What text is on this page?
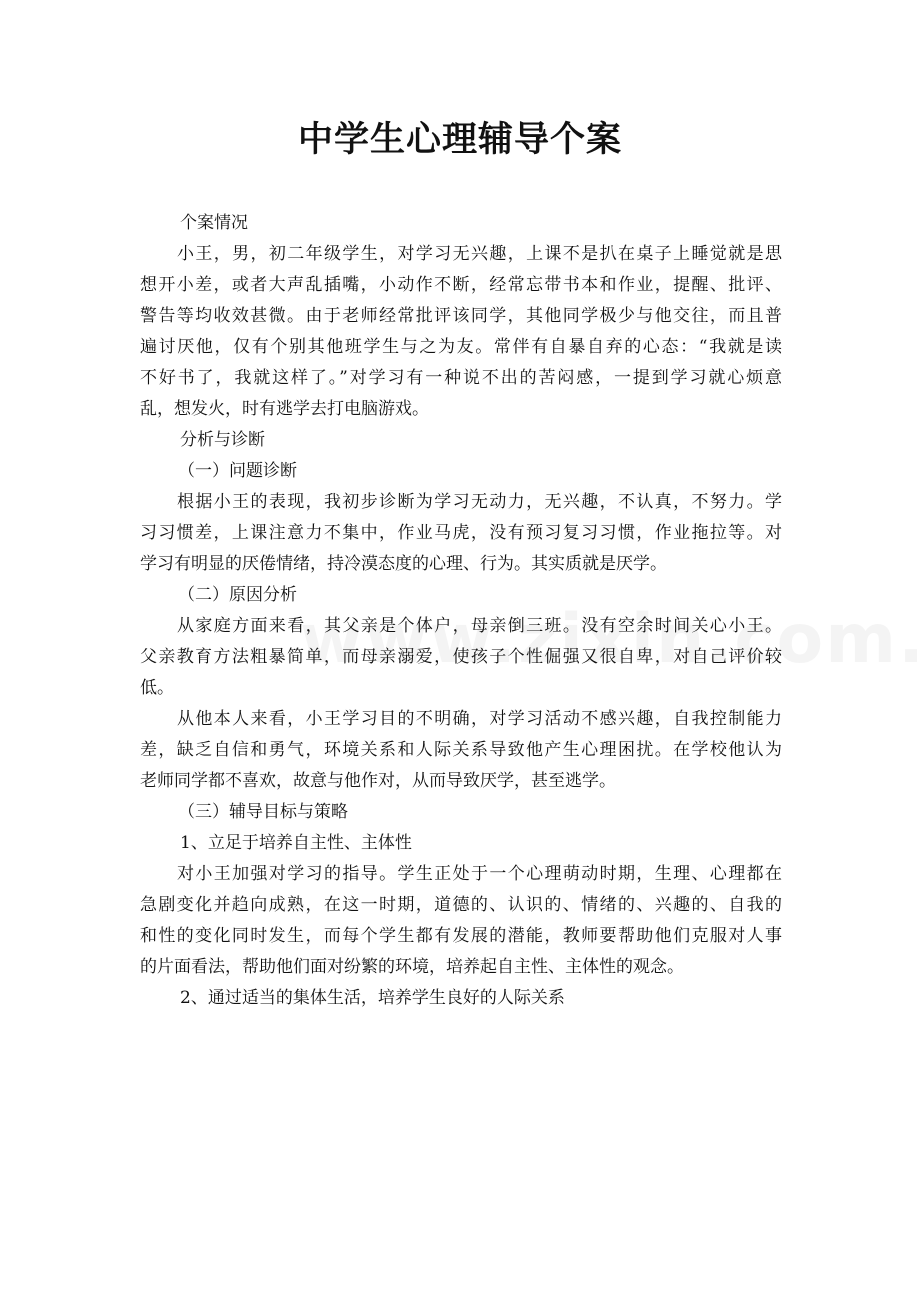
中学生心理辅导个案
个案情况
小王，男，初二年级学生，对学习无兴趣，上课不是扒在桌子上睡觉就是思
想开小差，或者大声乱插嘴，小动作不断，经常忘带书本和作业，提醒、批评、
警告等均收效甚微。由于老师经常批评该同学，其他同学极少与他交往，而且普
遍讨厌他，仅有个别其他班学生与之为友。常伴有自暴自弃的心态：“我就是读
不好书了，我就这样了。”对学习有一种说不出的苦闷感，一提到学习就心烦意
乱，想发火，时有逃学去打电脑游戏。
分析与诊断
（一）问题诊断
根据小王的表现，我初步诊断为学习无动力，无兴趣，不认真，不努力。学
习习惯差，上课注意力不集中，作业马虎，没有预习复习习惯，作业拖拉等。对
学习有明显的厌倦情绪，持冷漠态度的心理、行为。其实质就是厌学。
（二）原因分析
从家庭方面来看，其父亲是个体户，母亲倒三班。没有空余时间关心小王。
父亲教育方法粗暴简单，而母亲溺爱，使孩子个性倔强又很自卑，对自己评价较
低。
从他本人来看，小王学习目的不明确，对学习活动不感兴趣，自我控制能力
差，缺乏自信和勇气，环境关系和人际关系导致他产生心理困扰。在学校他认为
老师同学都不喜欢，故意与他作对，从而导致厌学，甚至逃学。
（三）辅导目标与策略
1、立足于培养自主性、主体性
对小王加强对学习的指导。学生正处于一个心理萌动时期，生理、心理都在
急剧变化并趋向成熟，在这一时期，道德的、认识的、情绪的、兴趣的、自我的
和性的变化同时发生，而每个学生都有发展的潜能，教师要帮助他们克服对人事
的片面看法，帮助他们面对纷繁的环境，培养起自主性、主体性的观念。
2、通过适当的集体生活，培养学生良好的人际关系
